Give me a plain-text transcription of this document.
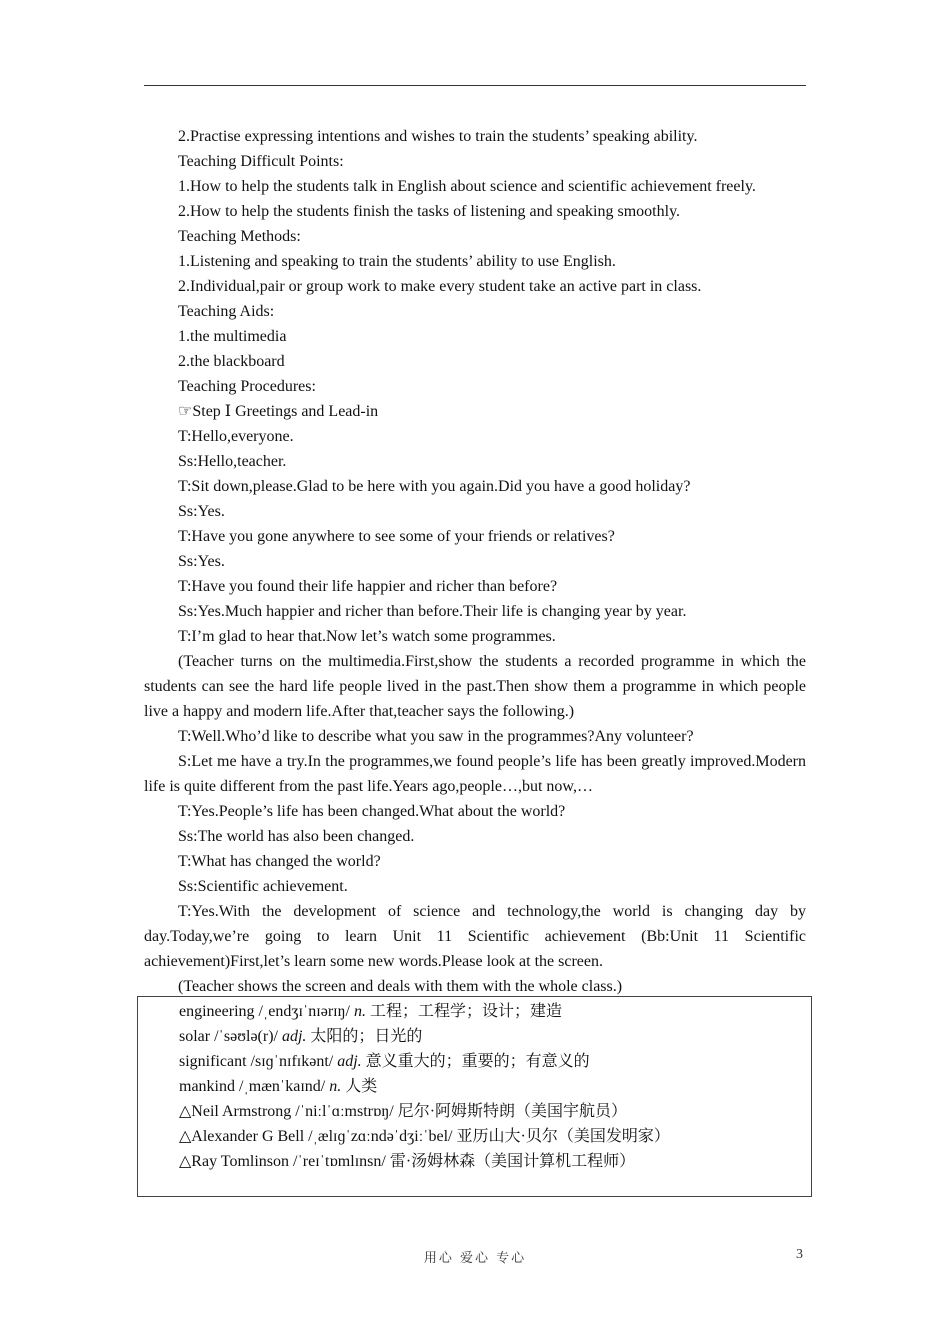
2.Practise expressing intentions and wishes to train the students’ speaking ability.

Teaching Difficult Points:

1.How to help the students talk in English about science and scientific achievement freely.

2.How to help the students finish the tasks of listening and speaking smoothly.

Teaching Methods:

1.Listening and speaking to train the students’ ability to use English.

2.Individual,pair or group work to make every student take an active part in class.

Teaching Aids:

1.the multimedia

2.the blackboard

Teaching Procedures:

☞Step Ⅰ Greetings and Lead-in

T:Hello,everyone.

Ss:Hello,teacher.

T:Sit down,please.Glad to be here with you again.Did you have a good holiday?

Ss:Yes.

T:Have you gone anywhere to see some of your friends or relatives?

Ss:Yes.

T:Have you found their life happier and richer than before?

Ss:Yes.Much happier and richer than before.Their life is changing year by year.

T:I’m glad to hear that.Now let’s watch some programmes.

(Teacher turns on the multimedia.First,show the students a recorded programme in which the students can see the hard life people lived in the past.Then show them a programme in which people live a happy and modern life.After that,teacher says the following.)

T:Well.Who’d like to describe what you saw in the programmes?Any volunteer?

S:Let me have a try.In the programmes,we found people’s life has been greatly improved.Modern life is quite different from the past life.Years ago,people…,but now,…

T:Yes.People’s life has been changed.What about the world?

Ss:The world has also been changed.

T:What has changed the world?

Ss:Scientific achievement.

T:Yes.With the development of science and technology,the world is changing day by day.Today,we’re going to learn Unit 11 Scientific achievement (Bb:Unit 11 Scientific achievement)First,let’s learn some new words.Please look at the screen.

(Teacher shows the screen and deals with them with the whole class.)

engineering /ˌendʒɪˈnɪərɪŋ/ n. 工程；工程学；设计；建造

solar /ˈsəʊlə(r)/ adj. 太阳的；日光的

significant /sɪɡˈnɪfɪkənt/ adj. 意义重大的；重要的；有意义的

mankind /ˌmænˈkaɪnd/ n. 人类

△Neil Armstrong /ˈniːlˈɑːmstrɒŋ/ 尼尔·阿姆斯特朗（美国宇航员）

△Alexander G Bell /ˌælɪɡˈzɑːndəˈdʒiːˈbel/ 亚历山大·贝尔（美国发明家）

△Ray Tomlinson /ˈreɪˈtɒmlɪnsn/ 雷·汤姆林森（美国计算机工程师）

用心 爱心 专心	3
